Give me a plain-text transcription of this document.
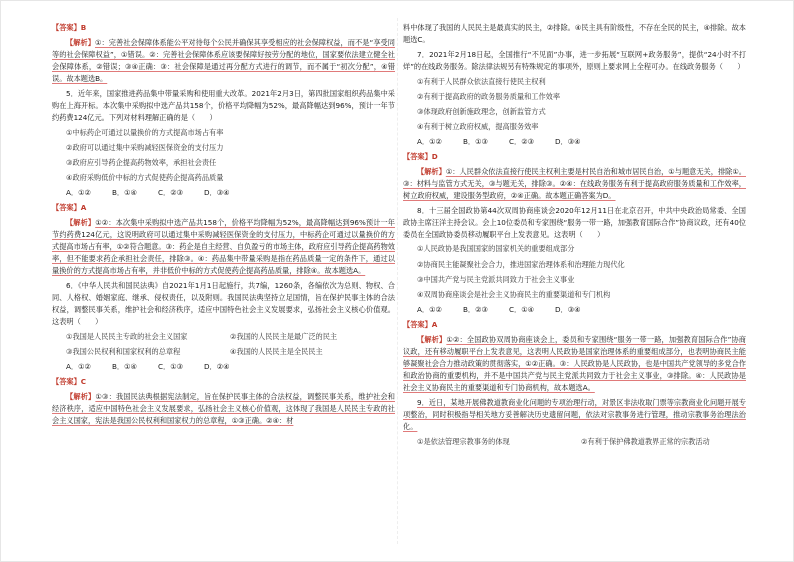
【答案】B
【解析】①：完善社会保障体系能公平对待每个公民并确保其享受相应的社会保障权益，而不是“享受同等的社会保障权益”，①错误。②：完善社会保障体系应该要保障好按劳分配的地位，国家要依法建立健全社会保障体系，②错误；③④正确：③：社会保障是通过再分配方式进行的调节，而不属于“初次分配”，④错误。故本题选B。
5．近年来，国家推进药品集中带量采购和使用重大改革。2021年2月3日，第四批国家组织药品集中采购在上海开标。本次集中采购拟中选产品共158个，价格平均降幅为52%，最高降幅达到96%，预计一年节约药费124亿元。下列对材料理解正确的是（　　）
①中标药企可通过以量换价的方式提高市场占有率
②政府可以通过集中采购减轻医保资金的支付压力
③政府应引导药企提高药物效率，承担社会责任
④政府采购低价中标的方式促使药企提高药品质量
A．①②	B．①④	C．②③	D．③④
【答案】A
【解析】①②：本次集中采购拟中选产品共158个，价格平均降幅为52%，最高降幅达到96%预计一年节约药费124亿元，这说明政府可以通过集中采购减轻医保资金的支付压力，中标药企可通过以量换价的方式提高市场占有率，①②符合题意。③：药企是自主经营、自负盈亏的市场主体，政府应引导药企提高药物效率，但不能要求药企承担社会责任，排除③。④：药品集中带量采购是指在药品质量一定的条件下，通过以量换价的方式提高市场占有率，并非低价中标的方式促使药企提高药品质量，排除④。故本题选A。
6．《中华人民共和国民法典》自2021年1月1日起施行，共7编，1260条，各编依次为总则、物权、合同、人格权、婚姻家庭、继承、侵权责任，以及附则。我国民法典坚持立足国情，旨在保护民事主体的合法权益，调整民事关系，维护社会和经济秩序，适应中国特色社会主义发展要求，弘扬社会主义核心价值观。这表明（　　）
①我国是人民民主专政的社会主义国家	②我国的人民民主是最广泛的民主
③我国公民权利和国家权利的总章程	④我国的人民民主是全民民主
A．①②	B．①④	C．①③	D．②④
【答案】C
【解析】①③：我国民法典根据宪法制定，旨在保护民事主体的合法权益，调整民事关系，维护社会和经济秩序，适应中国特色社会主义发展要求，弘扬社会主义核心价值观，这体现了我国是人民民主专政的社会主义国家，宪法是我国公民权利和国家权力的总章程，①③正确。②④：材
料中体现了我国的人民民主是最真实的民主，②排除。④民主具有阶级性，不存在全民的民主，④排除。故本题选C。
7．2021年2月18日起，全国推行“不见面”办事，进一步拓展“互联网+政务服务”，提供“24小时不打烊”的在线政务服务。除法律法规另有特殊规定的事项外，原则上要求网上全程可办。在线政务服务（　　）
①有利于人民群众依法直接行使民主权利
②有利于提高政府的政务服务质量和工作效率
③体现政府创新施政理念，创新监管方式
④有利于树立政府权威，提高服务效率
A．①②	B．①③	C．②③	D．③④
【答案】D
【解析】①：人民群众依法直接行使民主权利主要是村民自治和城市居民自治，①与题意无关，排除①。③：材料与监管方式无关，③与题无关，排除③。②④：在线政务服务有利于提高政府服务质量和工作效率，树立政府权威，建设服务型政府，②④正确。故本题正确答案为D。
8．十三届全国政协第44次双周协商座谈会2020年12月11日在北京召开，中共中央政治局常委、全国政协主席汪洋主持会议。会上10位委员和专家围绕“服务一带一路，加强教育国际合作”协商议政，还有40位委员在全国政协委员移动履职平台上发表意见。这表明（　　）
①人民政协是我国国家的国家机关的重要组成部分
②协商民主能凝聚社会合力，推进国家治理体系和治理能力现代化
③中国共产党与民主党派共同致力于社会主义事业
④双周协商座谈会是社会主义协商民主的重要渠道和专门机构
A．①②	B．②③	C．①④	D．③④
【答案】A
【解析】①②：全国政协双周协商座谈会上，委员和专家围绕“服务一带一路，加强教育国际合作”协商议政，还有移动履职平台上发表意见，这表明人民政协是国家治理体系的重要组成部分，也表明协商民主能够凝聚社会合力推动政策的贯彻落实，①②正确。③：人民政协是人民政协，也是中国共产党领导的多党合作和政治协商的重要机构，并不是中国共产党与民主党派共同致力于社会主义事业，③排除。④：人民政协是社会主义协商民主的重要渠道和专门协商机构，故本题选A。
9．近日，某地开展佛教道教商业化问题的专项治理行动，对景区非法收取门票等宗教商业化问题开展专项整治，同时积极指导相关地方妥善解决历史遗留问题，依法对宗教事务进行管理，推动宗教事务治理法治化。
①是依法管理宗教事务的体现	②有利于保护佛教道教界正常的宗教活动
